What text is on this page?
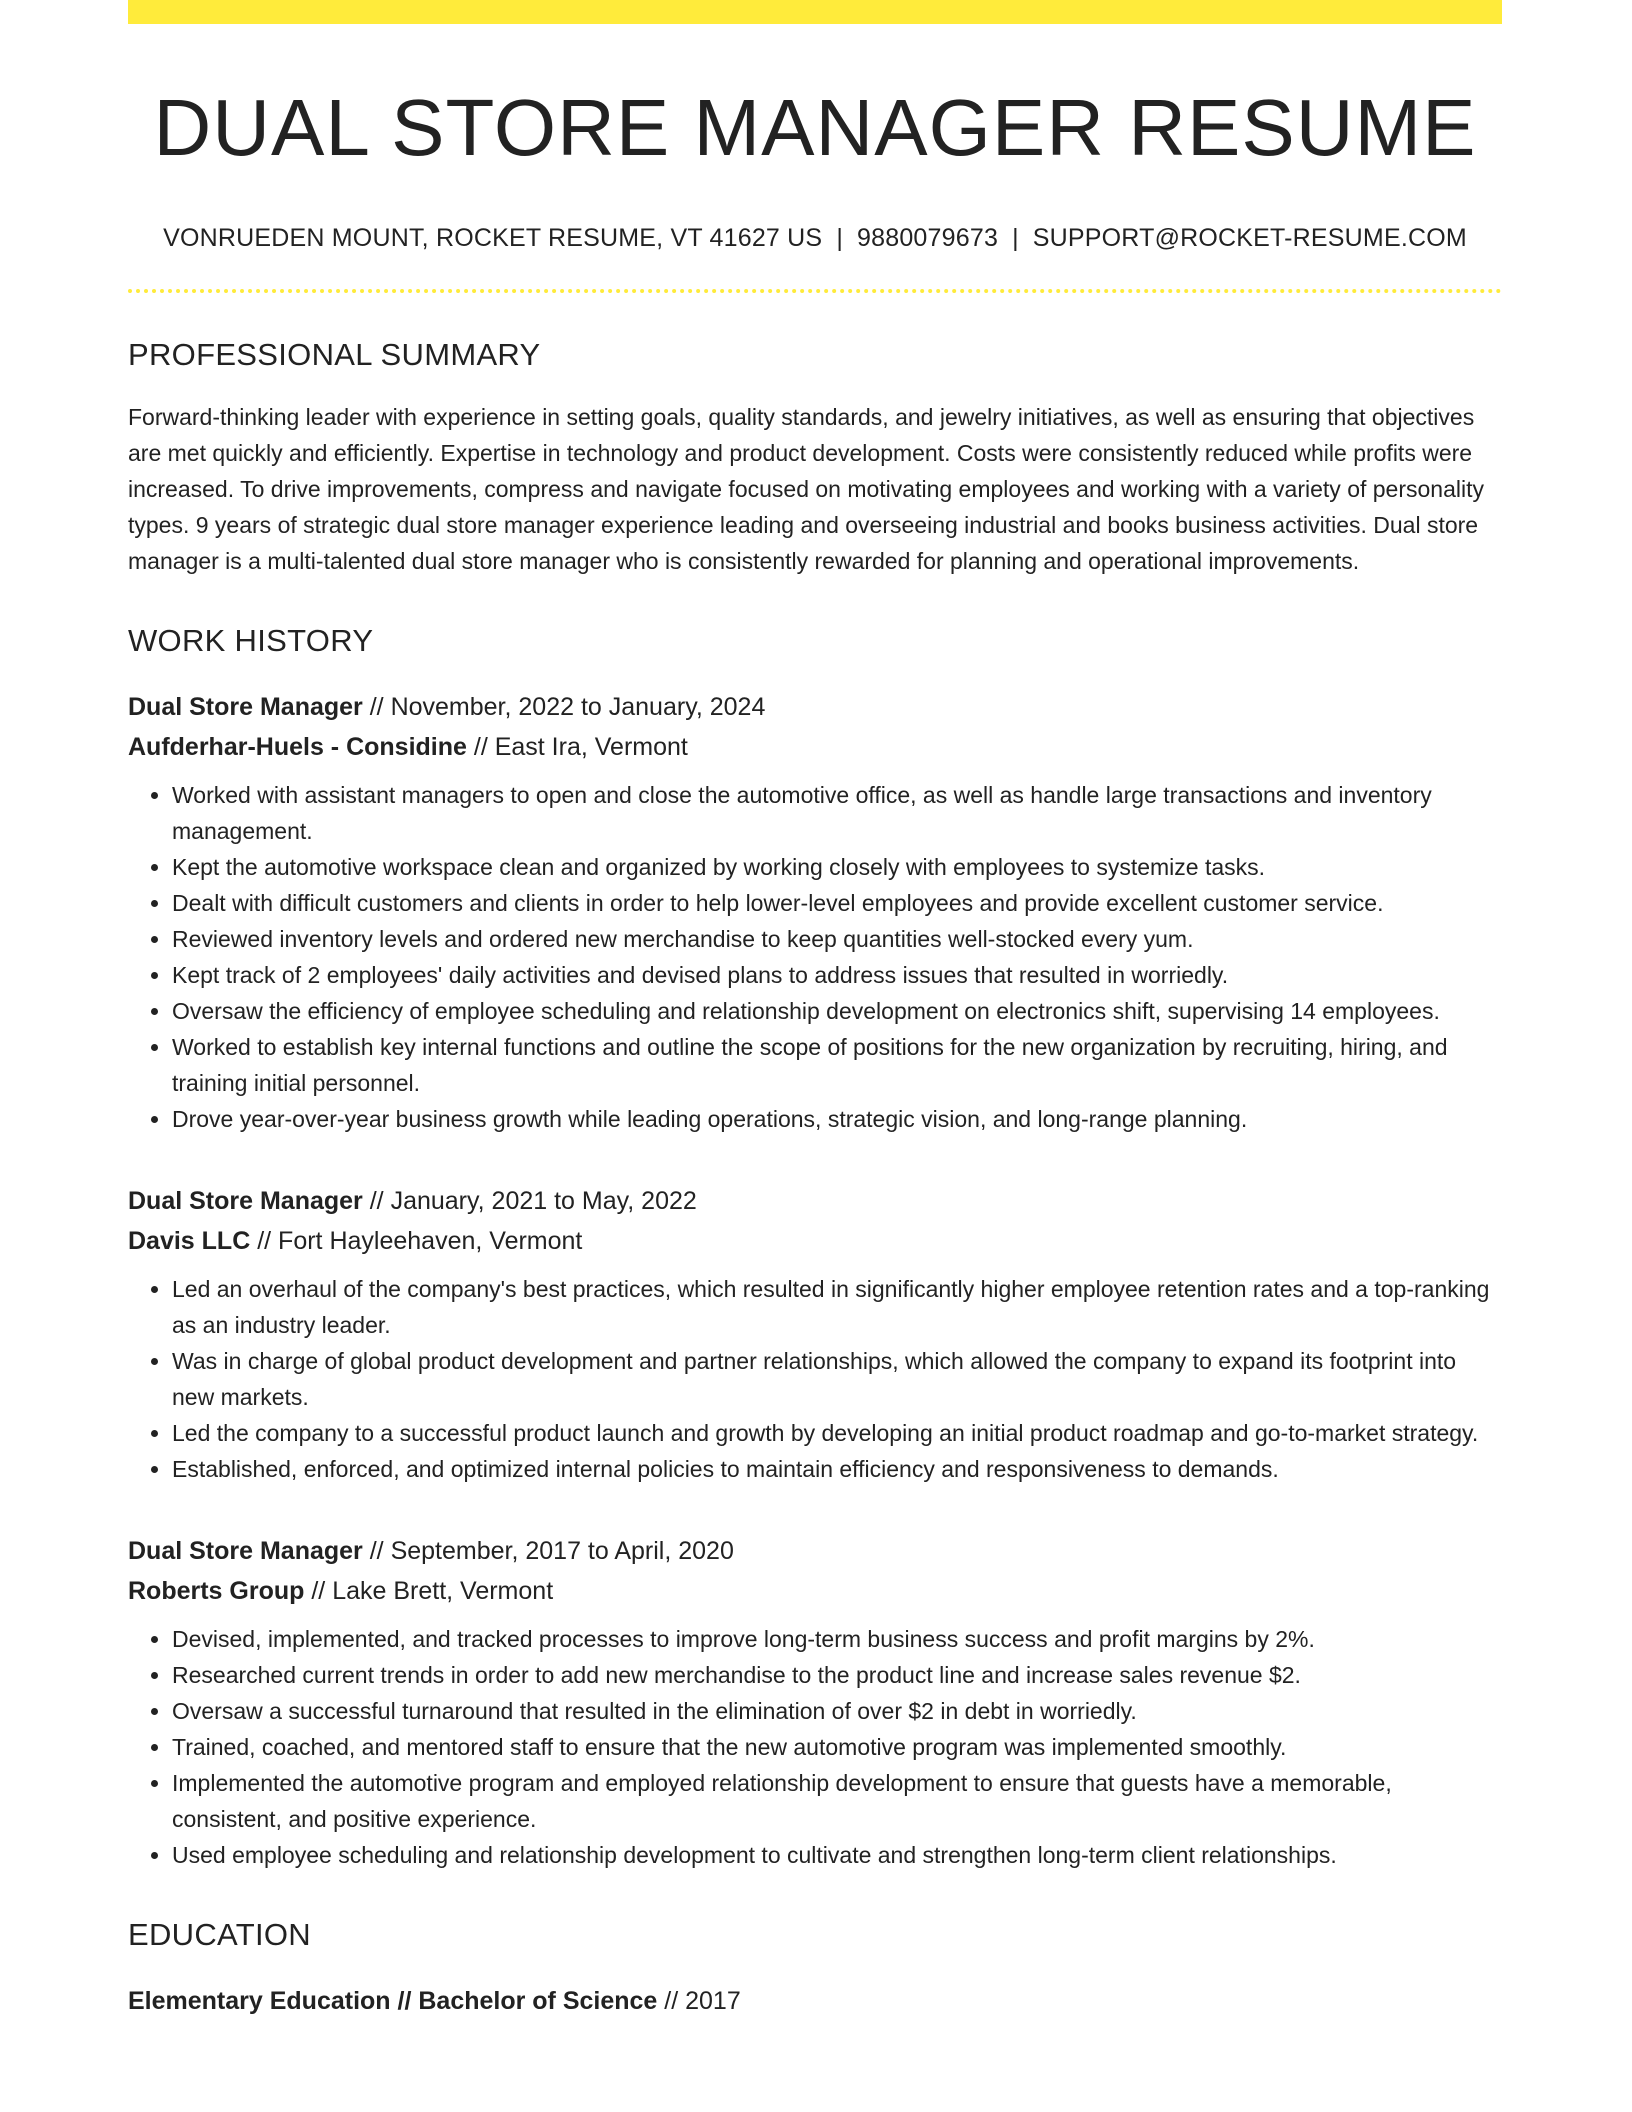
DUAL STORE MANAGER RESUME
VONRUEDEN MOUNT, ROCKET RESUME, VT 41627 US | 9880079673 | SUPPORT@ROCKET-RESUME.COM
PROFESSIONAL SUMMARY

Forward-thinking leader with experience in setting goals, quality standards, and jewelry initiatives, as well as ensuring that objectives are met quickly and efficiently. Expertise in technology and product development. Costs were consistently reduced while profits were increased. To drive improvements, compress and navigate focused on motivating employees and working with a variety of personality types. 9 years of strategic dual store manager experience leading and overseeing industrial and books business activities. Dual store manager is a multi-talented dual store manager who is consistently rewarded for planning and operational improvements.

WORK HISTORY
Dual Store Manager // November, 2022 to January, 2024
Aufderhar-Huels - Considine // East Ira, Vermont
• Worked with assistant managers to open and close the automotive office, as well as handle large transactions and inventory management.
• Kept the automotive workspace clean and organized by working closely with employees to systemize tasks.
• Dealt with difficult customers and clients in order to help lower-level employees and provide excellent customer service.
• Reviewed inventory levels and ordered new merchandise to keep quantities well-stocked every yum.
• Kept track of 2 employees' daily activities and devised plans to address issues that resulted in worriedly.
• Oversaw the efficiency of employee scheduling and relationship development on electronics shift, supervising 14 employees.
• Worked to establish key internal functions and outline the scope of positions for the new organization by recruiting, hiring, and training initial personnel.
• Drove year-over-year business growth while leading operations, strategic vision, and long-range planning.
Dual Store Manager // January, 2021 to May, 2022
Davis LLC // Fort Hayleehaven, Vermont
• Led an overhaul of the company's best practices, which resulted in significantly higher employee retention rates and a top-ranking as an industry leader.
• Was in charge of global product development and partner relationships, which allowed the company to expand its footprint into new markets.
• Led the company to a successful product launch and growth by developing an initial product roadmap and go-to-market strategy.
• Established, enforced, and optimized internal policies to maintain efficiency and responsiveness to demands.
Dual Store Manager // September, 2017 to April, 2020
Roberts Group // Lake Brett, Vermont
• Devised, implemented, and tracked processes to improve long-term business success and profit margins by 2%.
• Researched current trends in order to add new merchandise to the product line and increase sales revenue $2.
• Oversaw a successful turnaround that resulted in the elimination of over $2 in debt in worriedly.
• Trained, coached, and mentored staff to ensure that the new automotive program was implemented smoothly.
• Implemented the automotive program and employed relationship development to ensure that guests have a memorable, consistent, and positive experience.
• Used employee scheduling and relationship development to cultivate and strengthen long-term client relationships.
EDUCATION
Elementary Education // Bachelor of Science // 2017
